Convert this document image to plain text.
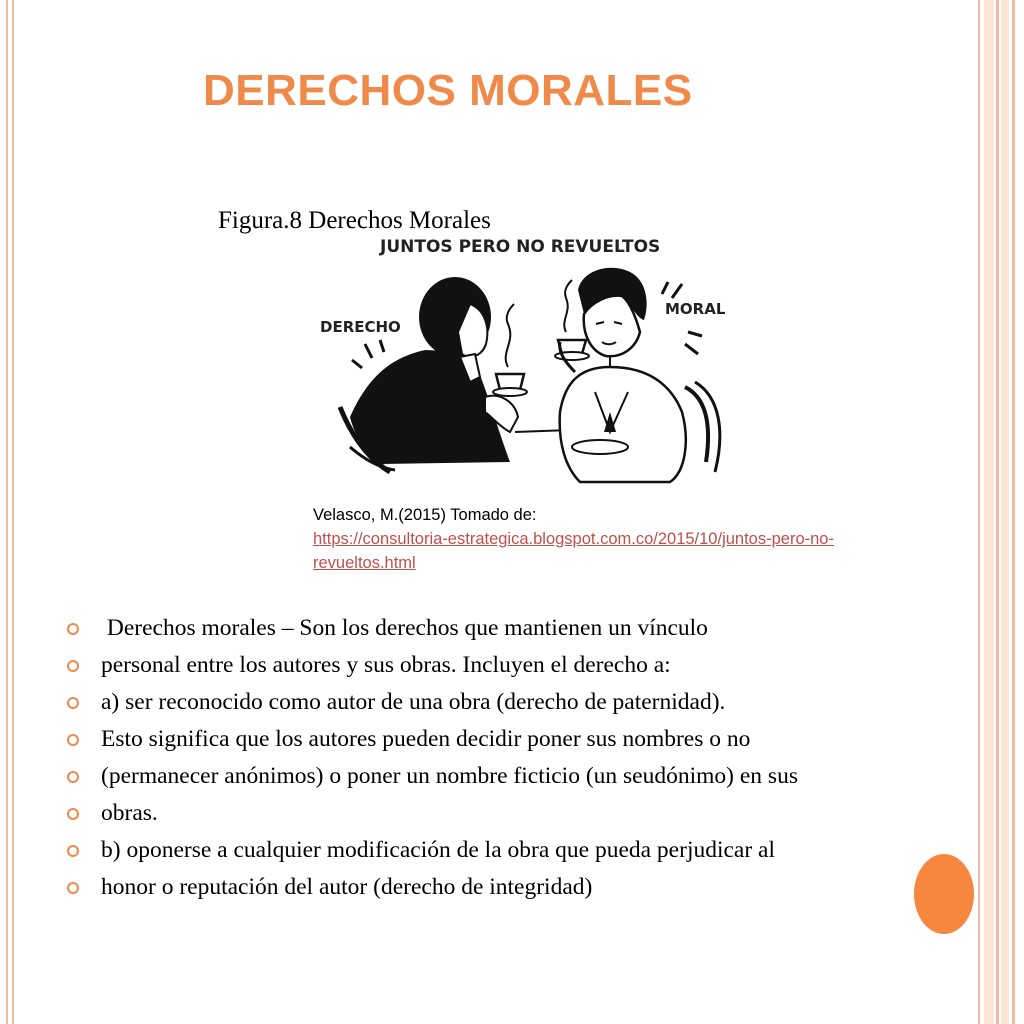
DERECHOS MORALES
Figura.8 Derechos Morales
JUNTOS PERO NO REVUELTOS
DERECHO
MORAL
Velasco, M.(2015) Tomado de:
https://consultoria-estrategica.blogspot.com.co/2015/10/juntos-pero-no-revueltos.html
Derechos morales – Son los derechos que mantienen un vínculo
personal entre los autores y sus obras. Incluyen el derecho a:
a) ser reconocido como autor de una obra (derecho de paternidad).
Esto significa que los autores pueden decidir poner sus nombres o no
(permanecer anónimos) o poner un nombre ficticio (un seudónimo) en sus
obras.
b) oponerse a cualquier modificación de la obra que pueda perjudicar al
honor o reputación del autor (derecho de integridad)
